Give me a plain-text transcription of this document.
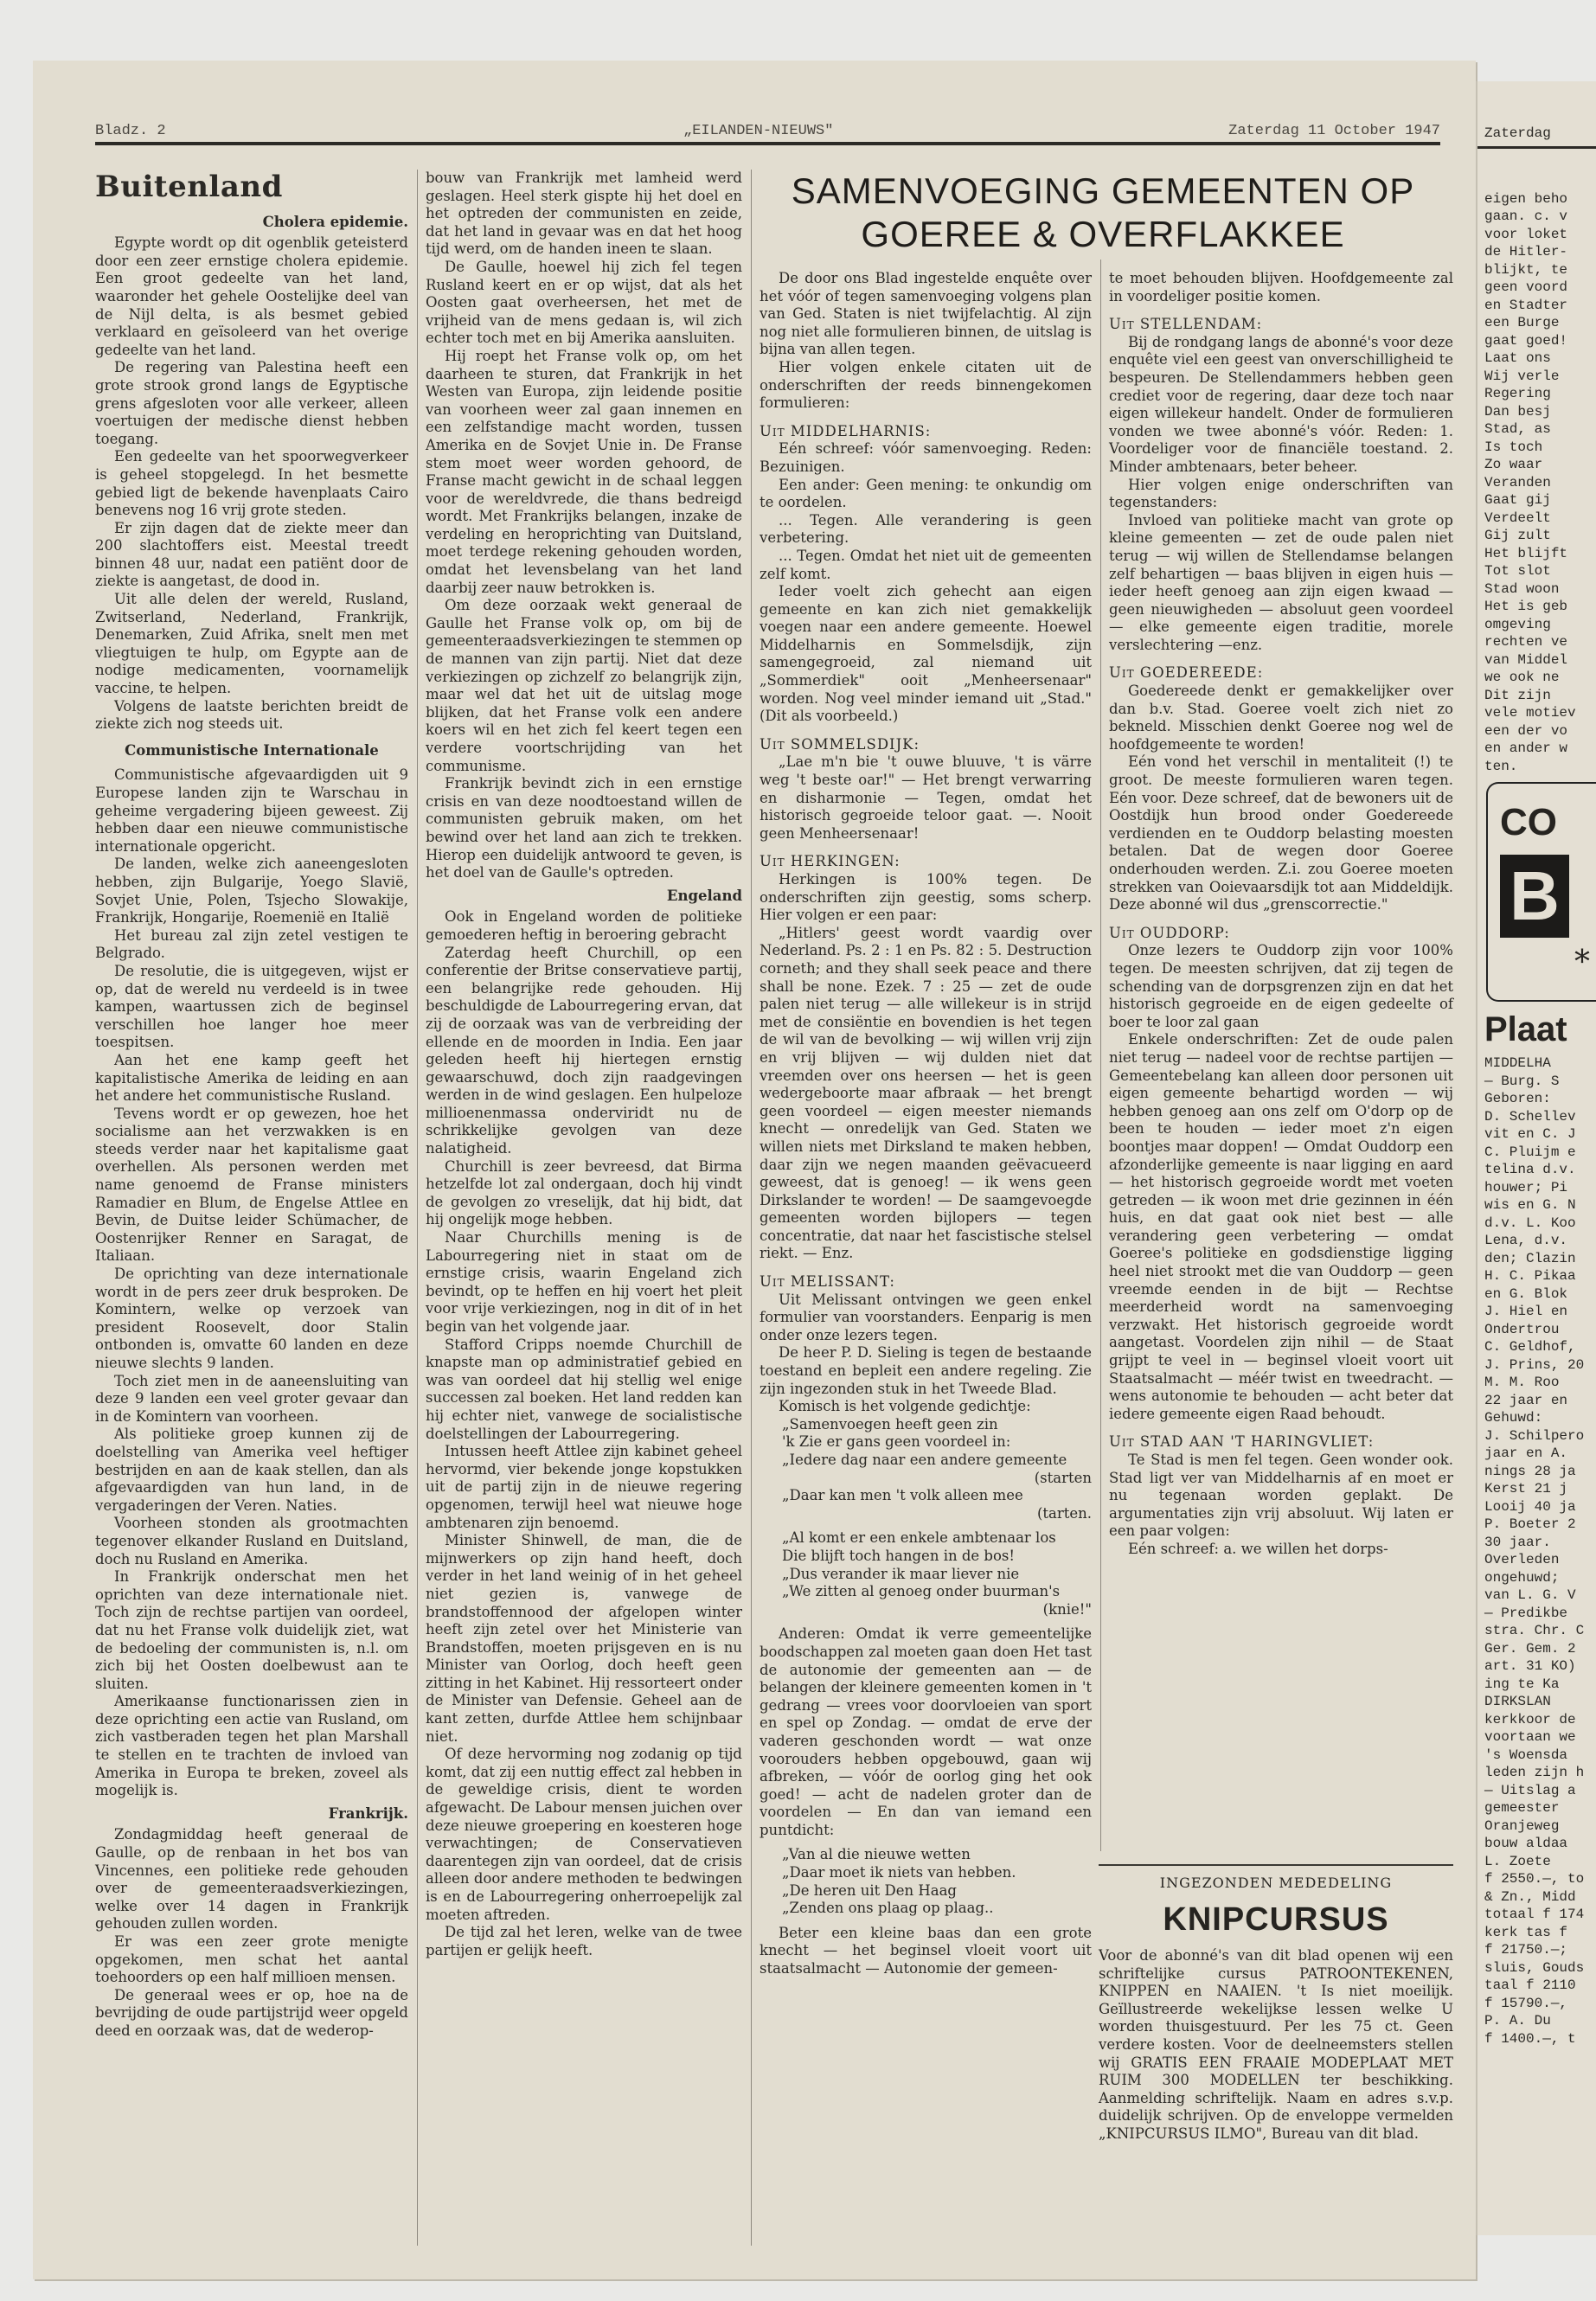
Bladz. 2	„EILANDEN-NIEUWS"	Zaterdag 11 October 1947
Buitenland
Cholera epidemie.

Egypte wordt op dit ogenblik geteisterd door een zeer ernstige cholera epidemie. Een groot gedeelte van het land, waaronder het gehele Oostelijke deel van de Nijl delta, is als besmet gebied verklaard en geïsoleerd van het overige gedeelte van het land.

De regering van Palestina heeft een grote strook grond langs de Egyptische grens afgesloten voor alle verkeer, alleen voertuigen der medische dienst hebben toegang.

Een gedeelte van het spoorwegverkeer is geheel stopgelegd. In het besmette gebied ligt de bekende havenplaats Cairo benevens nog 16 vrij grote steden.

Er zijn dagen dat de ziekte meer dan 200 slachtoffers eist. Meestal treedt binnen 48 uur, nadat een patiënt door de ziekte is aangetast, de dood in.

Uit alle delen der wereld, Rusland, Zwitserland, Nederland, Frankrijk, Denemarken, Zuid Afrika, snelt men met vliegtuigen te hulp, om Egypte aan de nodige medicamenten, voornamelijk vaccine, te helpen.

Volgens de laatste berichten breidt de ziekte zich nog steeds uit.

Communistische Internationale

Communistische afgevaardigden uit 9 Europese landen zijn te Warschau in geheime vergadering bijeen geweest. Zij hebben daar een nieuwe communistische internationale opgericht.

De landen, welke zich aaneengesloten hebben, zijn Bulgarije, Yoego Slavië, Sovjet Unie, Polen, Tsjecho Slowakije, Frankrijk, Hongarije, Roemenië en Italië

Het bureau zal zijn zetel vestigen te Belgrado.

De resolutie, die is uitgegeven, wijst er op, dat de wereld nu verdeeld is in twee kampen, waartussen zich de beginsel verschillen hoe langer hoe meer toespitsen.

Aan het ene kamp geeft het kapitalistische Amerika de leiding en aan het andere het communistische Rusland.

Tevens wordt er op gewezen, hoe het socialisme aan het verzwakken is en steeds verder naar het kapitalisme gaat overhellen. Als personen werden met name genoemd de Franse ministers Ramadier en Blum, de Engelse Attlee en Bevin, de Duitse leider Schümacher, de Oostenrijker Renner en Saragat, de Italiaan.

De oprichting van deze internationale wordt in de pers zeer druk besproken. De Komintern, welke op verzoek van president Roosevelt, door Stalin ontbonden is, omvatte 60 landen en deze nieuwe slechts 9 landen.

Toch ziet men in de aaneensluiting van deze 9 landen een veel groter gevaar dan in de Komintern van voorheen.

Als politieke groep kunnen zij de doelstelling van Amerika veel heftiger bestrijden en aan de kaak stellen, dan als afgevaardigden van hun land, in de vergaderingen der Veren. Naties.

Voorheen stonden als grootmachten tegenover elkander Rusland en Duitsland, doch nu Rusland en Amerika.

In Frankrijk onderschat men het oprichten van deze internationale niet. Toch zijn de rechtse partijen van oordeel, dat nu het Franse volk duidelijk ziet, wat de bedoeling der communisten is, n.l. om zich bij het Oosten doelbewust aan te sluiten.

Amerikaanse functionarissen zien in deze oprichting een actie van Rusland, om zich vastberaden tegen het plan Marshall te stellen en te trachten de invloed van Amerika in Europa te breken, zoveel als mogelijk is.

Frankrijk.

Zondagmiddag heeft generaal de Gaulle, op de renbaan in het bos van Vincennes, een politieke rede gehouden over de gemeenteraadsverkiezingen, welke over 14 dagen in Frankrijk gehouden zullen worden.

Er was een zeer grote menigte opgekomen, men schat het aantal toehoorders op een half millioen mensen.

De generaal wees er op, hoe na de bevrijding de oude partijstrijd weer opgeld deed en oorzaak was, dat de wederop-

bouw van Frankrijk met lamheid werd geslagen. Heel sterk gispte hij het doel en het optreden der communisten en zeide, dat het land in gevaar was en dat het hoog tijd werd, om de handen ineen te slaan.

De Gaulle, hoewel hij zich fel tegen Rusland keert en er op wijst, dat als het Oosten gaat overheersen, het met de vrijheid van de mens gedaan is, wil zich echter toch met en bij Amerika aansluiten.

Hij roept het Franse volk op, om het daarheen te sturen, dat Frankrijk in het Westen van Europa, zijn leidende positie van voorheen weer zal gaan innemen en een zelfstandige macht worden, tussen Amerika en de Sovjet Unie in. De Franse stem moet weer worden gehoord, de Franse macht gewicht in de schaal leggen voor de wereldvrede, die thans bedreigd wordt. Met Frankrijks belangen, inzake de verdeling en heroprichting van Duitsland, moet terdege rekening gehouden worden, omdat het levensbelang van het land daarbij zeer nauw betrokken is.

Om deze oorzaak wekt generaal de Gaulle het Franse volk op, om bij de gemeenteraadsverkiezingen te stemmen op de mannen van zijn partij. Niet dat deze verkiezingen op zichzelf zo belangrijk zijn, maar wel dat het uit de uitslag moge blijken, dat het Franse volk een andere koers wil en het zich fel keert tegen een verdere voortschrijding van het communisme.

Frankrijk bevindt zich in een ernstige crisis en van deze noodtoestand willen de communisten gebruik maken, om het bewind over het land aan zich te trekken. Hierop een duidelijk antwoord te geven, is het doel van de Gaulle's optreden.

Engeland

Ook in Engeland worden de politieke gemoederen heftig in beroering gebracht

Zaterdag heeft Churchill, op een conferentie der Britse conservatieve partij, een belangrijke rede gehouden. Hij beschuldigde de Labourregering ervan, dat zij de oorzaak was van de verbreiding der ellende en de moorden in India. Een jaar geleden heeft hij hiertegen ernstig gewaarschuwd, doch zijn raadgevingen werden in de wind geslagen. Een hulpeloze millioenenmassa onderviridt nu de schrikkelijke gevolgen van deze nalatigheid.

Churchill is zeer bevreesd, dat Birma hetzelfde lot zal ondergaan, doch hij vindt de gevolgen zo vreselijk, dat hij bidt, dat hij ongelijk moge hebben.

Naar Churchills mening is de Labourregering niet in staat om de ernstige crisis, waarin Engeland zich bevindt, op te heffen en hij voert het pleit voor vrije verkiezingen, nog in dit of in het begin van het volgende jaar.

Stafford Cripps noemde Churchill de knapste man op administratief gebied en was van oordeel dat hij stellig wel enige successen zal boeken. Het land redden kan hij echter niet, vanwege de socialistische doelstellingen der Labourregering.

Intussen heeft Attlee zijn kabinet geheel hervormd, vier bekende jonge kopstukken uit de partij zijn in de nieuwe regering opgenomen, terwijl heel wat nieuwe hoge ambtenaren zijn benoemd.

Minister Shinwell, de man, die de mijnwerkers op zijn hand heeft, doch verder in het land weinig of in het geheel niet gezien is, vanwege de brandstoffennood der afgelopen winter heeft zijn zetel over het Ministerie van Brandstoffen, moeten prijsgeven en is nu Minister van Oorlog, doch heeft geen zitting in het Kabinet. Hij ressorteert onder de Minister van Defensie. Geheel aan de kant zetten, durfde Attlee hem schijnbaar niet.

Of deze hervorming nog zodanig op tijd komt, dat zij een nuttig effect zal hebben in de geweldige crisis, dient te worden afgewacht. De Labour mensen juichen over deze nieuwe groepering en koesteren hoge verwachtingen; de Conservatieven daarentegen zijn van oordeel, dat de crisis alleen door andere methoden te bedwingen is en de Labourregering onherroepelijk zal moeten aftreden.

De tijd zal het leren, welke van de twee partijen er gelijk heeft.

SAMENVOEGING GEMEENTEN OP GOEREE & OVERFLAKKEE

De door ons Blad ingestelde enquête over het vóór of tegen samenvoeging volgens plan van Ged. Staten is niet twijfelachtig. Al zijn nog niet alle formulieren binnen, de uitslag is bijna van allen tegen.

Hier volgen enkele citaten uit de onderschriften der reeds binnengekomen formulieren:

Uit MIDDELHARNIS:

Eén schreef: vóór samenvoeging. Reden: Bezuinigen.

Een ander: Geen mening: te onkundig om te oordelen.

... Tegen. Alle verandering is geen verbetering.

... Tegen. Omdat het niet uit de gemeenten zelf komt.

Ieder voelt zich gehecht aan eigen gemeente en kan zich niet gemakkelijk voegen naar een andere gemeente. Hoewel Middelharnis en Sommelsdijk, zijn samengegroeid, zal niemand uit „Sommerdiek" ooit „Menheersenaar" worden. Nog veel minder iemand uit „Stad." (Dit als voorbeeld.)

Uit SOMMELSDIJK:

„Lae m'n bie 't ouwe bluuve, 't is värre weg 't beste oar!" — Het brengt verwarring en disharmonie — Tegen, omdat het historisch gegroeide teloor gaat. —. Nooit geen Menheersenaar!

Uit HERKINGEN:

Herkingen is 100% tegen. De onderschriften zijn geestig, soms scherp. Hier volgen er een paar:

„Hitlers' geest wordt vaardig over Nederland. Ps. 2 : 1 en Ps. 82 : 5. Destruction corneth; and they shall seek peace and there shall be none. Ezek. 7 : 25 — zet de oude palen niet terug — alle willekeur is in strijd met de consiëntie en bovendien is het tegen de wil van de bevolking — wij willen vrij zijn en vrij blijven — wij dulden niet dat vreemden over ons heersen — het is geen wedergeboorte maar afbraak — het brengt geen voordeel — eigen meester niemands knecht — onredelijk van Ged. Staten we willen niets met Dirksland te maken hebben, daar zijn we negen maanden geëvacueerd geweest, dat is genoeg! — ik wens geen Dirkslander te worden! — De saamgevoegde gemeenten worden bijlopers — tegen concentratie, dat naar het fascistische stelsel riekt. — Enz.

Uit MELISSANT:

Uit Melissant ontvingen we geen enkel formulier van voorstanders. Eenparig is men onder onze lezers tegen.

De heer P. D. Sieling is tegen de bestaande toestand en bepleit een andere regeling. Zie zijn ingezonden stuk in het Tweede Blad.

Komisch is het volgende gedichtje:

„Samenvoegen heeft geen zin

'k Zie er gans geen voordeel in:

„Iedere dag naar een andere gemeente

(starten

„Daar kan men 't volk alleen mee

(tarten.

„Al komt er een enkele ambtenaar los

Die blijft toch hangen in de bos!

„Dus verander ik maar liever nie

„We zitten al genoeg onder buurman's

(knie!"

Anderen: Omdat ik verre gemeentelijke boodschappen zal moeten gaan doen Het tast de autonomie der gemeenten aan — de belangen der kleinere gemeenten komen in 't gedrang — vrees voor doorvloeien van sport en spel op Zondag. — omdat de erve der vaderen geschonden wordt — wat onze voorouders hebben opgebouwd, gaan wij afbreken, — vóór de oorlog ging het ook goed! — acht de nadelen groter dan de voordelen — En dan van iemand een puntdicht:

„Van al die nieuwe wetten

„Daar moet ik niets van hebben.

„De heren uit Den Haag

„Zenden ons plaag op plaag..

Beter een kleine baas dan een grote knecht — het beginsel vloeit voort uit staatsalmacht — Autonomie der gemeen-

te moet behouden blijven. Hoofdgemeente zal in voordeliger positie komen.

Uit STELLENDAM:

Bij de rondgang langs de abonné's voor deze enquête viel een geest van onverschilligheid te bespeuren. De Stellendammers hebben geen crediet voor de regering, daar deze toch naar eigen willekeur handelt. Onder de formulieren vonden we twee abonné's vóór. Reden: 1. Voordeliger voor de financiële toestand. 2. Minder ambtenaars, beter beheer.

Hier volgen enige onderschriften van tegenstanders:

Invloed van politieke macht van grote op kleine gemeenten — zet de oude palen niet terug — wij willen de Stellendamse belangen zelf behartigen — baas blijven in eigen huis — ieder heeft genoeg aan zijn eigen kwaad — geen nieuwigheden — absoluut geen voordeel — elke gemeente eigen traditie, morele verslechtering —enz.

Uit GOEDEREEDE:

Goedereede denkt er gemakkelijker over dan b.v. Stad. Goeree voelt zich niet zo bekneld. Misschien denkt Goeree nog wel de hoofdgemeente te worden!

Eén vond het verschil in mentaliteit (!) te groot. De meeste formulieren waren tegen. Eén voor. Deze schreef, dat de bewoners uit de Oostdijk hun brood onder Goedereede verdienden en te Ouddorp belasting moesten betalen. Dat de wegen door Goeree onderhouden werden. Z.i. zou Goeree moeten strekken van Ooievaarsdijk tot aan Middeldijk. Deze abonné wil dus „grenscorrectie."

Uit OUDDORP:

Onze lezers te Ouddorp zijn voor 100% tegen. De meesten schrijven, dat zij tegen de schending van de dorpsgrenzen zijn en dat het historisch gegroeide en de eigen gedeelte of boer te loor zal gaan

Enkele onderschriften: Zet de oude palen niet terug — nadeel voor de rechtse partijen — Gemeentebelang kan alleen door personen uit eigen gemeente behartigd worden — wij hebben genoeg aan ons zelf om O'dorp op de been te houden — ieder moet z'n eigen boontjes maar doppen! — Omdat Ouddorp een afzonderlijke gemeente is naar ligging en aard — het historisch gegroeide wordt met voeten getreden — ik woon met drie gezinnen in één huis, en dat gaat ook niet best — alle verandering geen verbetering — omdat Goeree's politieke en godsdienstige ligging heel niet strookt met die van Ouddorp — geen vreemde eenden in de bijt — Rechtse meerderheid wordt na samenvoeging verzwakt. Het historisch gegroeide wordt aangetast. Voordelen zijn nihil — de Staat grijpt te veel in — beginsel vloeit voort uit Staatsalmacht — méér twist en tweedracht. — wens autonomie te behouden — acht beter dat iedere gemeente eigen Raad behoudt.

Uit STAD AAN 'T HARINGVLIET:

Te Stad is men fel tegen. Geen wonder ook. Stad ligt ver van Middelharnis af en moet er nu tegenaan worden geplakt. De argumentaties zijn vrij absoluut. Wij laten er een paar volgen:

Eén schreef: a. we willen het dorps-

INGEZONDEN MEDEDELING
KNIPCURSUS

Voor de abonné's van dit blad openen wij een schriftelijke cursus PATROONTEKENEN, KNIPPEN en NAAIEN. 't Is niet moeilijk. Geïllustreerde wekelijkse lessen welke U worden thuisgestuurd. Per les 75 ct. Geen verdere kosten. Voor de deelneemsters stellen wij GRATIS EEN FRAAIE MODEPLAAT MET RUIM 300 MODELLEN ter beschikking. Aanmelding schriftelijk. Naam en adres s.v.p. duidelijk schrijven. Op de enveloppe vermelden „KNIPCURSUS ILMO", Bureau van dit blad.

Zaterdag
eigen beho
gaan. c. v
voor loket
de Hitler-
blijkt, te
geen voord
en Stadter
een Burge
gaat goed!
Laat ons
Wij verle
Regering
Dan besj
Stad, as
Is toch
Zo waar
Veranden
Gaat gij
Verdeelt
Gij zult
Het blijft
Tot slot
Stad woon
Het is geb
omgeving
rechten ve
van Middel
we ook ne
Dit zijn
vele motiev
een der vo
en ander w
ten.
CO
B
*
Plaat
MIDDELHA
— Burg. S
Geboren:
D. Schellev
vit en C. J
C. Pluijm e
telina d.v.
houwer; Pi
wis en G. N
d.v. L. Koo
Lena, d.v.
den; Clazin
H. C. Pikaa
en G. Blok
J. Hiel en
Ondertrou
C. Geldhof,
J. Prins, 20
M. M. Roo
22 jaar en
Gehuwd:
J. Schilpero
jaar en A.
nings 28 ja
Kerst 21 j
Looij 40 ja
P. Boeter 2
30 jaar.
Overleden
ongehuwd;
van L. G. V
— Predikbe
stra. Chr. C
Ger. Gem. 2
art. 31 KO)
ing te Ka
DIRKSLAN
kerkkoor de
voortaan we
's Woensda
leden zijn h
— Uitslag a
gemeester
Oranjeweg
bouw aldaa
L. Zoete
f 2550.—, to
& Zn., Midd
totaal f 174
kerk tas f
f 21750.—;
sluis, Gouds
taal f 2110
f 15790.—,
P. A. Du
f 1400.—, t
